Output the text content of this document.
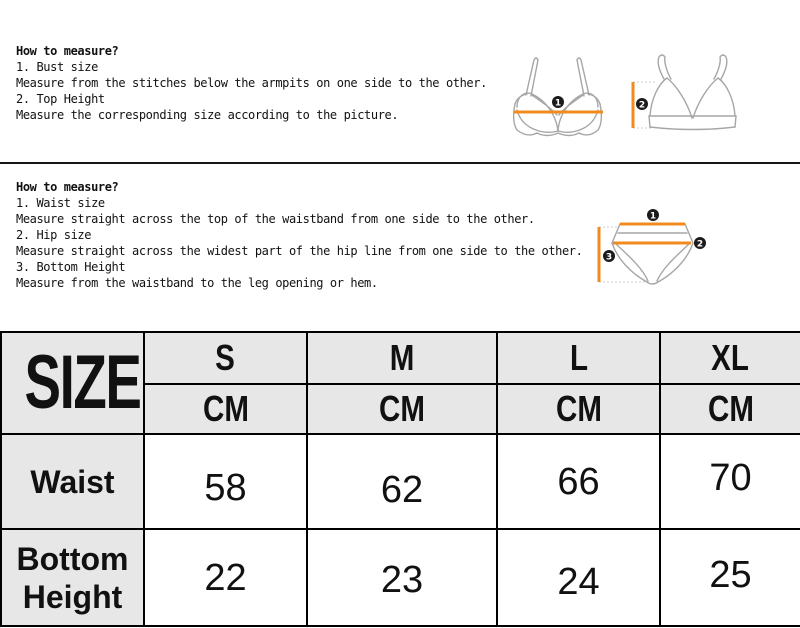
How to measure?
1. Bust size
Measure from the stitches below the armpits on one side to the other.
2. Top Height
Measure the corresponding size according to the picture.
1	2
How to measure?
1. Waist size
Measure straight across the top of the waistband from one side to the other.
2. Hip size
Measure straight across the widest part of the hip line from one side to the other.
3. Bottom Height
Measure from the waistband to the leg opening or hem.
1
2
3
SIZE	S	M	L	XL
	CM	CM	CM	CM
Waist	58	62	66	70
Bottom Height	22	23	24	25
